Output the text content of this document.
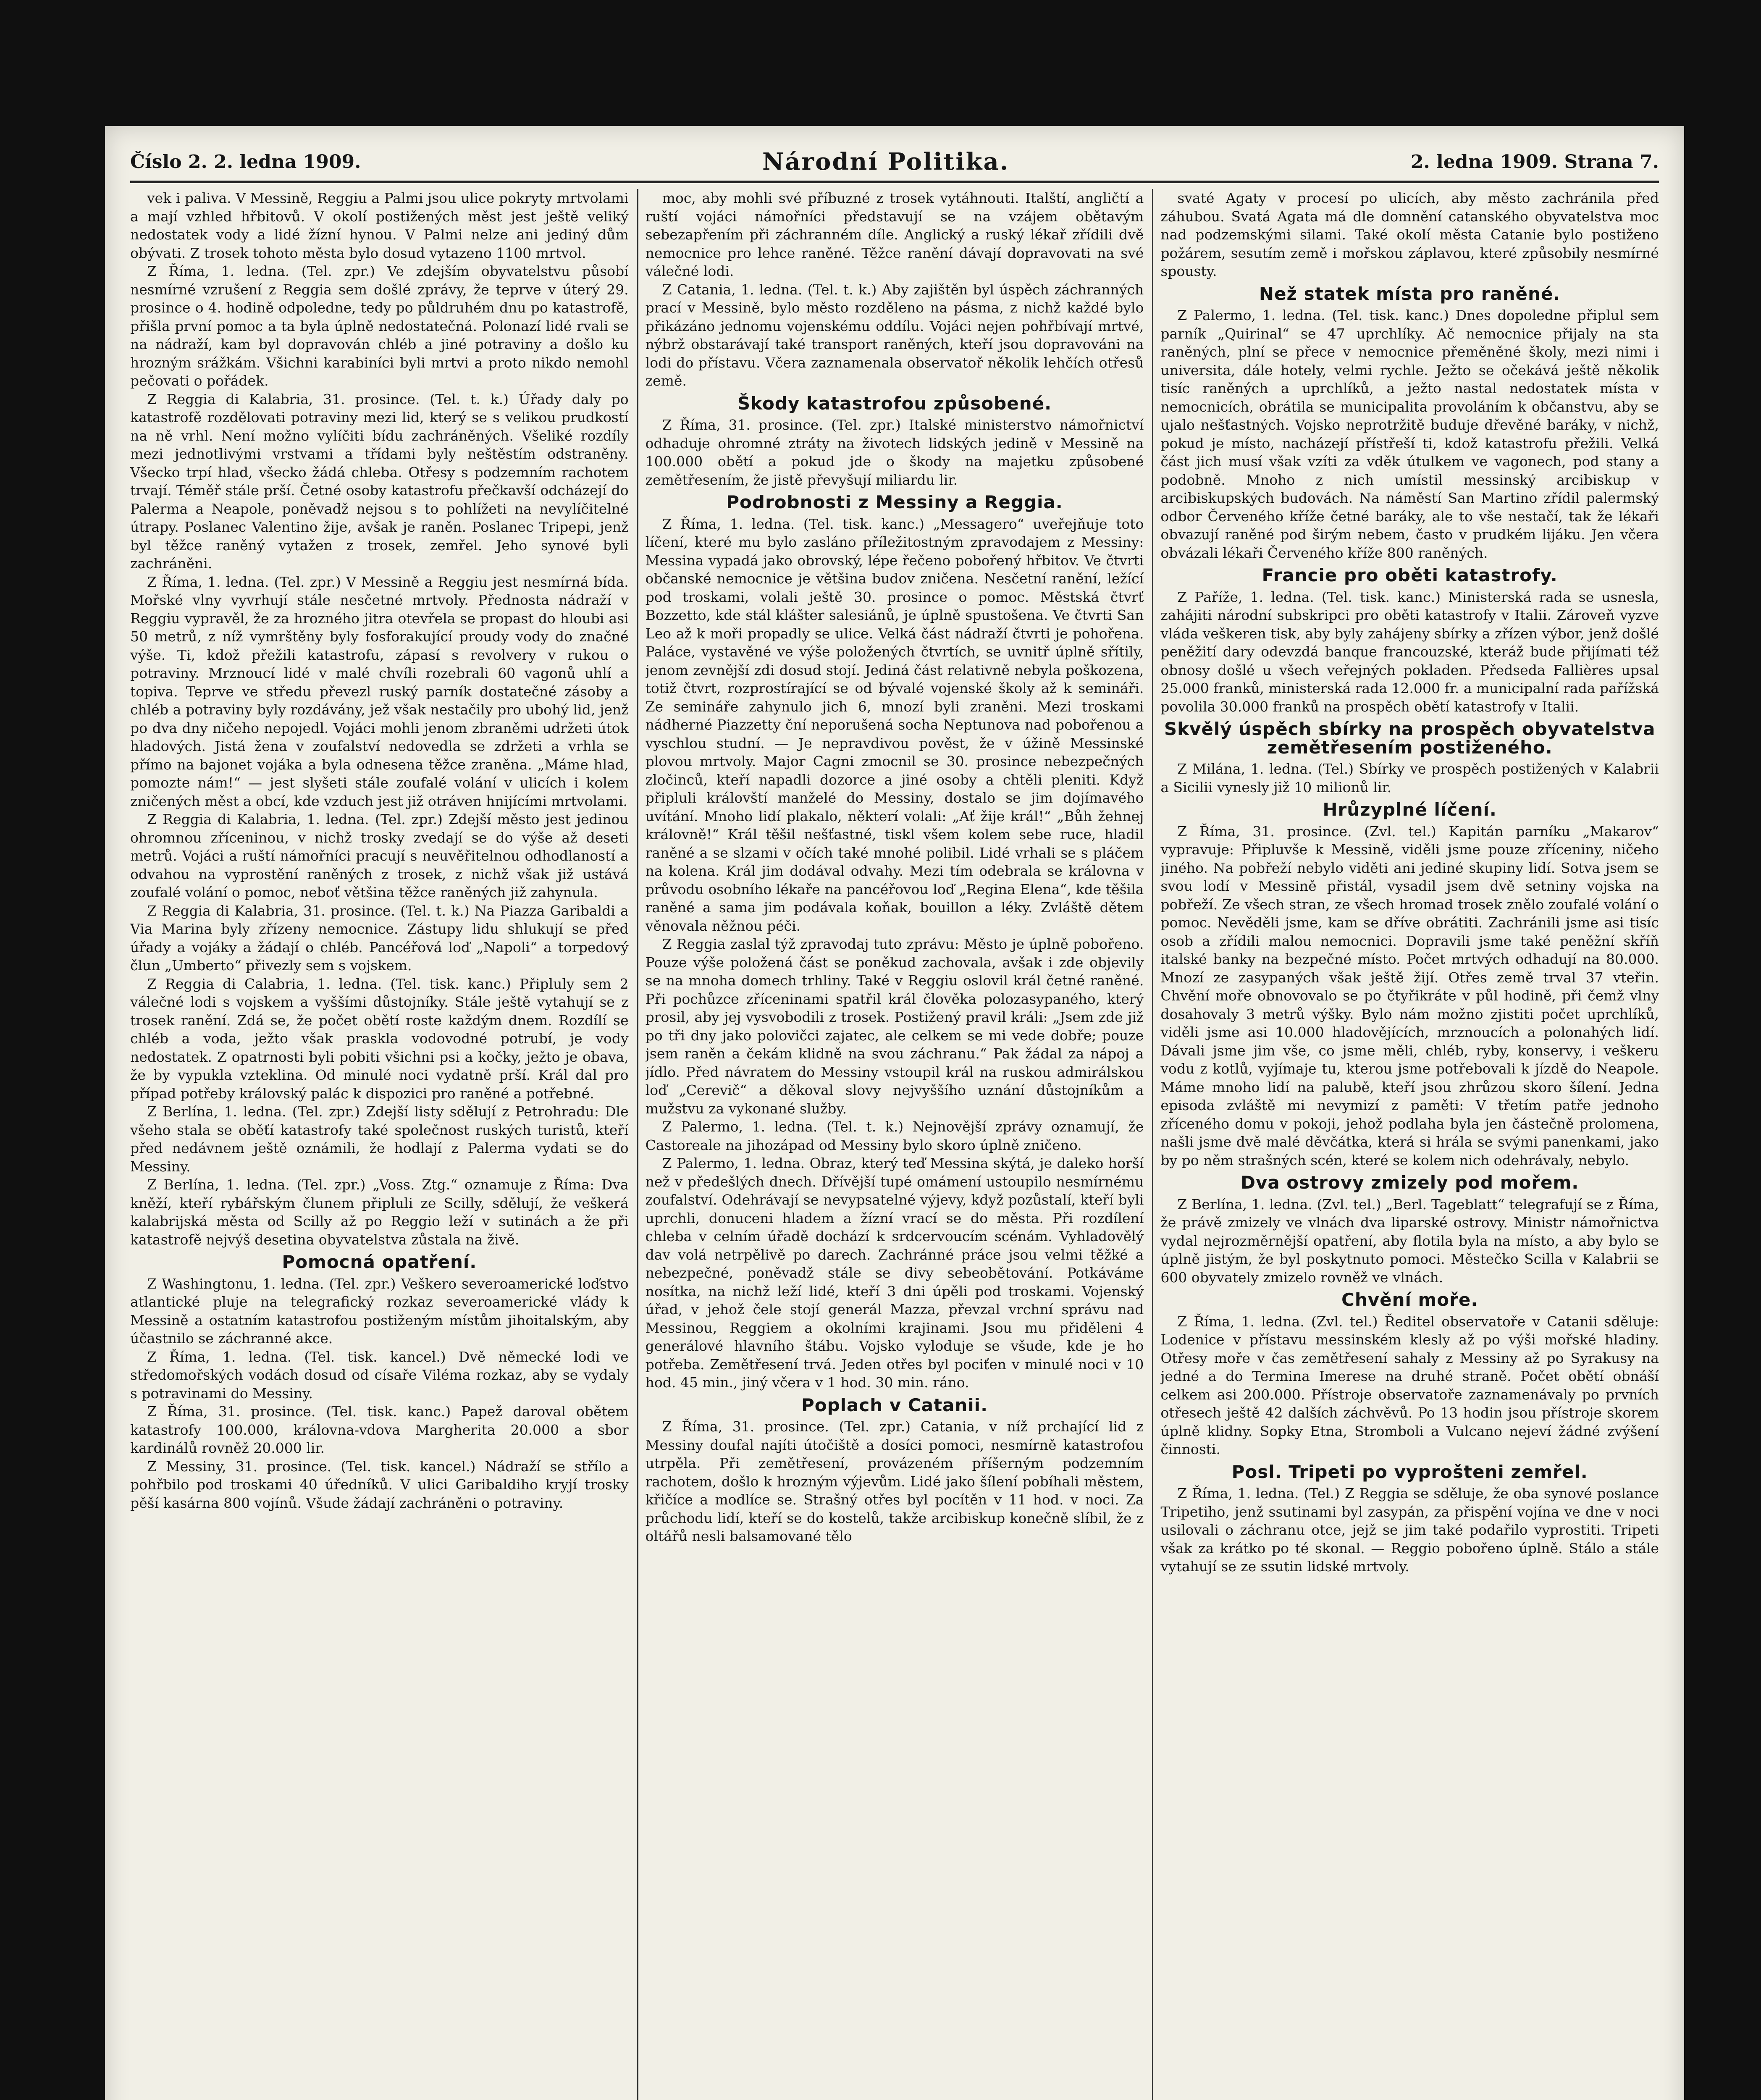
Číslo 2. 2. ledna 1909.	Národní Politika.	2. ledna 1909. Strana 7.

vek i paliva. V Messině, Reggiu a Palmi jsou ulice pokryty mrtvolami a mají vzhled hřbitovů. V okolí postižených měst jest ještě veliký nedostatek vody a lidé žízní hynou. V Palmi nelze ani jediný dům obývati. Z trosek tohoto města bylo dosud vytazeno 1100 mrtvol.

Z Říma, 1. ledna. (Tel. zpr.) Ve zdejším obyvatelstvu působí nesmírné vzrušení z Reggia sem došlé zprávy, že teprve v úterý 29. prosince o 4. hodině odpoledne, tedy po půldruhém dnu po katastrofě, přišla první pomoc a ta byla úplně nedostatečná. Polonazí lidé rvali se na nádraží, kam byl dopravován chléb a jiné potraviny a došlo ku hrozným srážkám. Všichni karabiníci byli mrtvi a proto nikdo nemohl pečovati o pořádek.

Z Reggia di Kalabria, 31. prosince. (Tel. t. k.) Úřady daly po katastrofě rozdělovati potraviny mezi lid, který se s velikou prudkostí na ně vrhl. Není možno vylíčiti bídu zachráněných. Všeliké rozdíly mezi jednotlivými vrstvami a třídami byly neštěstím odstraněny. Všecko trpí hlad, všecko žádá chleba. Otřesy s podzemním rachotem trvají. Téměř stále prší. Četné osoby katastrofu přečkavší odcházejí do Palerma a Neapole, poněvadž nejsou s to pohlížeti na nevylíčitelné útrapy. Poslanec Valentino žije, avšak je raněn. Poslanec Tripepi, jenž byl těžce raněný vytažen z trosek, zemřel. Jeho synové byli zachráněni.

Z Říma, 1. ledna. (Tel. zpr.) V Messině a Reggiu jest nesmírná bída. Mořské vlny vyvrhují stále nesčetné mrtvoly. Přednosta nádraží v Reggiu vypravěl, že za hrozného jitra otevřela se propast do hloubi asi 50 metrů, z níž vymrštěny byly fosforakující proudy vody do značné výše. Ti, kdož přežili katastrofu, zápasí s revolvery v rukou o potraviny. Mrznoucí lidé v malé chvíli rozebrali 60 vagonů uhlí a topiva. Teprve ve středu převezl ruský parník dostatečné zásoby a chléb a potraviny byly rozdávány, jež však nestačily pro ubohý lid, jenž po dva dny ničeho nepojedl. Vojáci mohli jenom zbraněmi udržeti útok hladových. Jistá žena v zoufalství nedovedla se zdržeti a vrhla se přímo na bajonet vojáka a byla odnesena těžce zraněna. „Máme hlad, pomozte nám!“ — jest slyšeti stále zoufalé volání v ulicích i kolem zničených měst a obcí, kde vzduch jest již otráven hnijícími mrtvolami.

Z Reggia di Kalabria, 1. ledna. (Tel. zpr.) Zdejší město jest jedinou ohromnou zříceninou, v nichž trosky zvedají se do výše až deseti metrů. Vojáci a ruští námořníci pracují s neuvěřitelnou odhodlaností a odvahou na vyprostění raněných z trosek, z nichž však již ustává zoufalé volání o pomoc, neboť většina těžce raněných již zahynula.

Z Reggia di Kalabria, 31. prosince. (Tel. t. k.) Na Piazza Garibaldi a Via Marina byly zřízeny nemocnice. Zástupy lidu shlukují se před úřady a vojáky a žádají o chléb. Pancéřová loď „Napoli“ a torpedový člun „Umberto“ přivezly sem s vojskem.

Z Reggia di Calabria, 1. ledna. (Tel. tisk. kanc.) Připluly sem 2 válečné lodi s vojskem a vyššími důstojníky. Stále ještě vytahují se z trosek ranění. Zdá se, že počet obětí roste každým dnem. Rozdílí se chléb a voda, ježto však praskla vodovodné potrubí, je vody nedostatek. Z opatrnosti byli pobiti všichni psi a kočky, ježto je obava, že by vypukla vzteklina. Od minulé noci vydatně prší. Král dal pro případ potřeby královský palác k dispozici pro raněné a potřebné.

Z Berlína, 1. ledna. (Tel. zpr.) Zdejší listy sdělují z Petrohradu: Dle všeho stala se oběťí katastrofy také společnost ruských turistů, kteří před nedávnem ještě oznámili, že hodlají z Palerma vydati se do Messiny.

Z Berlína, 1. ledna. (Tel. zpr.) „Voss. Ztg.“ oznamuje z Říma: Dva kněží, kteří rybářským člunem připluli ze Scilly, sdělují, že veškerá kalabrijská města od Scilly až po Reggio leží v sutinách a že při katastrofě nejvýš desetina obyvatelstva zůstala na živě.

Pomocná opatření.

Z Washingtonu, 1. ledna. (Tel. zpr.) Veškero severoamerické loďstvo atlantické pluje na telegrafický rozkaz severoamerické vlády k Messině a ostatním katastrofou postiženým místům jihoitalským, aby účastnilo se záchranné akce.

Z Říma, 1. ledna. (Tel. tisk. kancel.) Dvě německé lodi ve středomořských vodách dosud od císaře Viléma rozkaz, aby se vydaly s potravinami do Messiny.

Z Říma, 31. prosince. (Tel. tisk. kanc.) Papež daroval obětem katastrofy 100.000, královna-vdova Margherita 20.000 a sbor kardinálů rovněž 20.000 lir.

Z Messiny, 31. prosince. (Tel. tisk. kancel.) Nádraží se střílo a pohřbilo pod troskami 40 úředníků. V ulici Garibaldiho kryjí trosky pěší kasárna 800 vojínů. Všude žádají zachráněni o potraviny.

moc, aby mohli své příbuzné z trosek vytáhnouti. Italští, angličtí a ruští vojáci námořníci představují se na vzájem obětavým sebezapřením při záchranném díle. Anglický a ruský lékař zřídili dvě nemocnice pro lehce raněné. Těžce ranění dávají dopravovati na své válečné lodi.

Z Catania, 1. ledna. (Tel. t. k.) Aby zajištěn byl úspěch záchranných prací v Messině, bylo město rozděleno na pásma, z nichž každé bylo přikázáno jednomu vojenskému oddílu. Vojáci nejen pohřbívají mrtvé, nýbrž obstarávají také transport raněných, kteří jsou dopravováni na lodi do přístavu. Včera zaznamenala observatoř několik lehčích otřesů země.

Škody katastrofou způsobené.

Z Říma, 31. prosince. (Tel. zpr.) Italské ministerstvo námořnictví odhaduje ohromné ztráty na životech lidských jedině v Messině na 100.000 obětí a pokud jde o škody na majetku způsobené zemětřesením, že jistě převyšují miliardu lir.

Podrobnosti z Messiny a Reggia.

Z Říma, 1. ledna. (Tel. tisk. kanc.) „Messagero“ uveřejňuje toto líčení, které mu bylo zasláno příležitostným zpravodajem z Messiny: Messina vypadá jako obrovský, lépe řečeno pobořený hřbitov. Ve čtvrti občanské nemocnice je většina budov zničena. Nesčetní ranění, ležící pod troskami, volali ještě 30. prosince o pomoc. Městská čtvrť Bozzetto, kde stál klášter salesiánů, je úplně spustošena. Ve čtvrti San Leo až k moři propadly se ulice. Velká část nádraží čtvrti je pohořena. Paláce, vystavěné ve výše položených čtvrtích, se uvnitř úplně sřítily, jenom zevnější zdi dosud stojí. Jediná část relativně nebyla poškozena, totiž čtvrt, rozprostírající se od bývalé vojenské školy až k semináři. Ze semináře zahynulo jich 6, mnozí byli zraněni. Mezi troskami nádherné Piazzetty ční neporušená socha Neptunova nad pobořenou a vyschlou studní. — Je nepravdivou pověst, že v úžině Messinské plovou mrtvoly. Major Cagni zmocnil se 30. prosince nebezpečných zločinců, kteří napadli dozorce a jiné osoby a chtěli pleniti. Když připluli královští manželé do Messiny, dostalo se jim dojímavého uvítání. Mnoho lidí plakalo, některí volali: „Ať žije král!“ „Bůh žehnej královně!“ Král těšil nešťastné, tiskl všem kolem sebe ruce, hladil raněné a se slzami v očích také mnohé polibil. Lidé vrhali se s pláčem na kolena. Král jim dodával odvahy. Mezi tím odebrala se královna v průvodu osobního lékaře na pancéřovou loď „Regina Elena“, kde těšila raněné a sama jim podávala koňak, bouillon a léky. Zvláště dětem věnovala něžnou péči.

Z Reggia zaslal týž zpravodaj tuto zprávu: Město je úplně pobořeno. Pouze výše položená část se poněkud zachovala, avšak i zde objevily se na mnoha domech trhliny. Také v Reggiu oslovil král četné raněné. Při pochůzce zříceninami spatřil král člověka polozasypaného, který prosil, aby jej vysvobodili z trosek. Postižený pravil králi: „Jsem zde již po tři dny jako polovičci zajatec, ale celkem se mi vede dobře; pouze jsem raněn a čekám klidně na svou záchranu.“ Pak žádal za nápoj a jídlo. Před návratem do Messiny vstoupil král na ruskou admirálskou loď „Cerevič“ a děkoval slovy nejvyššího uznání důstojníkům a mužstvu za vykonané služby.

Z Palermo, 1. ledna. (Tel. t. k.) Nejnovější zprávy oznamují, že Castoreale na jihozápad od Messiny bylo skoro úplně zničeno.

Z Palermo, 1. ledna. Obraz, který teď Messina skýtá, je daleko horší než v předešlých dnech. Dřívější tupé omámení ustoupilo nesmírnému zoufalství. Odehrávají se nevypsatelné výjevy, když pozůstalí, kteří byli uprchli, donuceni hladem a žízní vrací se do města. Při rozdílení chleba v celním úřadě dochází k srdcervoucím scénám. Vyhladovělý dav volá netrpělivě po darech. Zachránné práce jsou velmi těžké a nebezpečné, poněvadž stále se divy sebeobětování. Potkáváme nosítka, na nichž leží lidé, kteří 3 dni úpěli pod troskami. Vojenský úřad, v jehož čele stojí generál Mazza, převzal vrchní správu nad Messinou, Reggiem a okolními krajinami. Jsou mu přiděleni 4 generálové hlavního štábu. Vojsko vyloduje se všude, kde je ho potřeba. Zemětřesení trvá. Jeden otřes byl pociťen v minulé noci v 10 hod. 45 min., jiný včera v 1 hod. 30 min. ráno.

Poplach v Catanii.

Z Říma, 31. prosince. (Tel. zpr.) Catania, v níž prchající lid z Messiny doufal najíti útočiště a dosíci pomoci, nesmírně katastrofou utrpěla. Při zemětřesení, provázeném příšerným podzemním rachotem, došlo k hrozným výjevům. Lidé jako šílení pobíhali městem, křičíce a modlíce se. Strašný otřes byl pocítěn v 11 hod. v noci. Za průchodu lidí, kteří se do kostelů, takže arcibiskup konečně slíbil, že z oltářů nesli balsamované tělo

svaté Agaty v procesí po ulicích, aby město zachránila před záhubou. Svatá Agata má dle domnění catanského obyvatelstva moc nad podzemskými silami. Také okolí města Catanie bylo postiženo požárem, sesutím země i mořskou záplavou, které způsobily nesmírné spousty.

Než statek místa pro raněné.

Z Palermo, 1. ledna. (Tel. tisk. kanc.) Dnes dopoledne připlul sem parník „Quirinal“ se 47 uprchlíky. Ač nemocnice přijaly na sta raněných, plní se přece v nemocnice přeměněné školy, mezi nimi i universita, dále hotely, velmi rychle. Ježto se očekává ještě několik tisíc raněných a uprchlíků, a ježto nastal nedostatek místa v nemocnicích, obrátila se municipalita provoláním k občanstvu, aby se ujalo nešťastných. Vojsko neprotržitě buduje dřevěné baráky, v nichž, pokud je místo, nacházejí přístřeší ti, kdož katastrofu přežili. Velká část jich musí však vzíti za vděk útulkem ve vagonech, pod stany a podobně. Mnoho z nich umístil messinský arcibiskup v arcibiskupských budovách. Na náměstí San Martino zřídil palermský odbor Červeného kříže četné baráky, ale to vše nestačí, tak že lékaři obvazují raněné pod širým nebem, často v prudkém lijáku. Jen včera obvázali lékaři Červeného kříže 800 raněných.

Francie pro oběti katastrofy.

Z Paříže, 1. ledna. (Tel. tisk. kanc.) Ministerská rada se usnesla, zahájiti národní subskripci pro oběti katastrofy v Italii. Zároveň vyzve vláda veškeren tisk, aby byly zahájeny sbírky a zřízen výbor, jenž došlé peněžití dary odevzdá banque francouzské, kteráž bude přijímati též obnosy došlé u všech veřejných pokladen. Předseda Fallières upsal 25.000 franků, ministerská rada 12.000 fr. a municipalní rada pařížská povolila 30.000 franků na prospěch obětí katastrofy v Italii.

Skvělý úspěch sbírky na prospěch obyvatelstva zemětřesením postiženého.

Z Milána, 1. ledna. (Tel.) Sbírky ve prospěch postižených v Kalabrii a Sicilii vynesly již 10 milionů lir.

Hrůzyplné líčení.

Z Říma, 31. prosince. (Zvl. tel.) Kapitán parníku „Makarov“ vypravuje: Připluvše k Messině, viděli jsme pouze zříceniny, ničeho jiného. Na pobřeží nebylo viděti ani jediné skupiny lidí. Sotva jsem se svou lodí v Messině přistál, vysadil jsem dvě setniny vojska na pobřeží. Ze všech stran, ze všech hromad trosek znělo zoufalé volání o pomoc. Nevěděli jsme, kam se dříve obrátiti. Zachránili jsme asi tisíc osob a zřídili malou nemocnici. Dopravili jsme také peněžní skříň italské banky na bezpečné místo. Počet mrtvých odhadují na 80.000. Mnozí ze zasypaných však ještě žijí. Otřes země trval 37 vteřin. Chvění moře obnovovalo se po čtyřikráte v půl hodině, při čemž vlny dosahovaly 3 metrů výšky. Bylo nám možno zjistiti počet uprchlíků, viděli jsme asi 10.000 hladovějících, mrznoucích a polonahých lidí. Dávali jsme jim vše, co jsme měli, chléb, ryby, konservy, i veškeru vodu z kotlů, vyjímaje tu, kterou jsme potřebovali k jízdě do Neapole. Máme mnoho lidí na palubě, kteří jsou zhrůzou skoro šílení. Jedna episoda zvláště mi nevymizí z paměti: V třetím patře jednoho zříceného domu v pokoji, jehož podlaha byla jen částečně prolomena, našli jsme dvě malé děvčátka, která si hrála se svými panenkami, jako by po něm strašných scén, které se kolem nich odehrávaly, nebylo.

Dva ostrovy zmizely pod mořem.

Z Berlína, 1. ledna. (Zvl. tel.) „Berl. Tageblatt“ telegrafují se z Říma, že právě zmizely ve vlnách dva liparské ostrovy. Ministr námořnictva vydal nejrozměrnější opatření, aby flotila byla na místo, a aby bylo se úplně jistým, že byl poskytnuto pomoci. Městečko Scilla v Kalabrii se 600 obyvately zmizelo rovněž ve vlnách.

Chvění moře.

Z Říma, 1. ledna. (Zvl. tel.) Ředitel observatoře v Catanii sděluje: Lodenice v přístavu messinském klesly až po výši mořské hladiny. Otřesy moře v čas zemětřesení sahaly z Messiny až po Syrakusy na jedné a do Termina Imerese na druhé straně. Počet obětí obnáší celkem asi 200.000. Přístroje observatoře zaznamenávaly po prvních otřesech ještě 42 dalších záchvěvů. Po 13 hodin jsou přístroje skorem úplně klidny. Sopky Etna, Stromboli a Vulcano nejeví žádné zvýšení činnosti.

Posl. Tripeti po vyprošteni zemřel.

Z Říma, 1. ledna. (Tel.) Z Reggia se sděluje, že oba synové poslance Tripetiho, jenž ssutinami byl zasypán, za přispění vojína ve dne v noci usilovali o záchranu otce, jejž se jim také podařilo vyprostiti. Tripeti však za krátko po té skonal. — Reggio pobořeno úplně. Stálo a stále vytahují se ze ssutin lidské mrtvoly.
